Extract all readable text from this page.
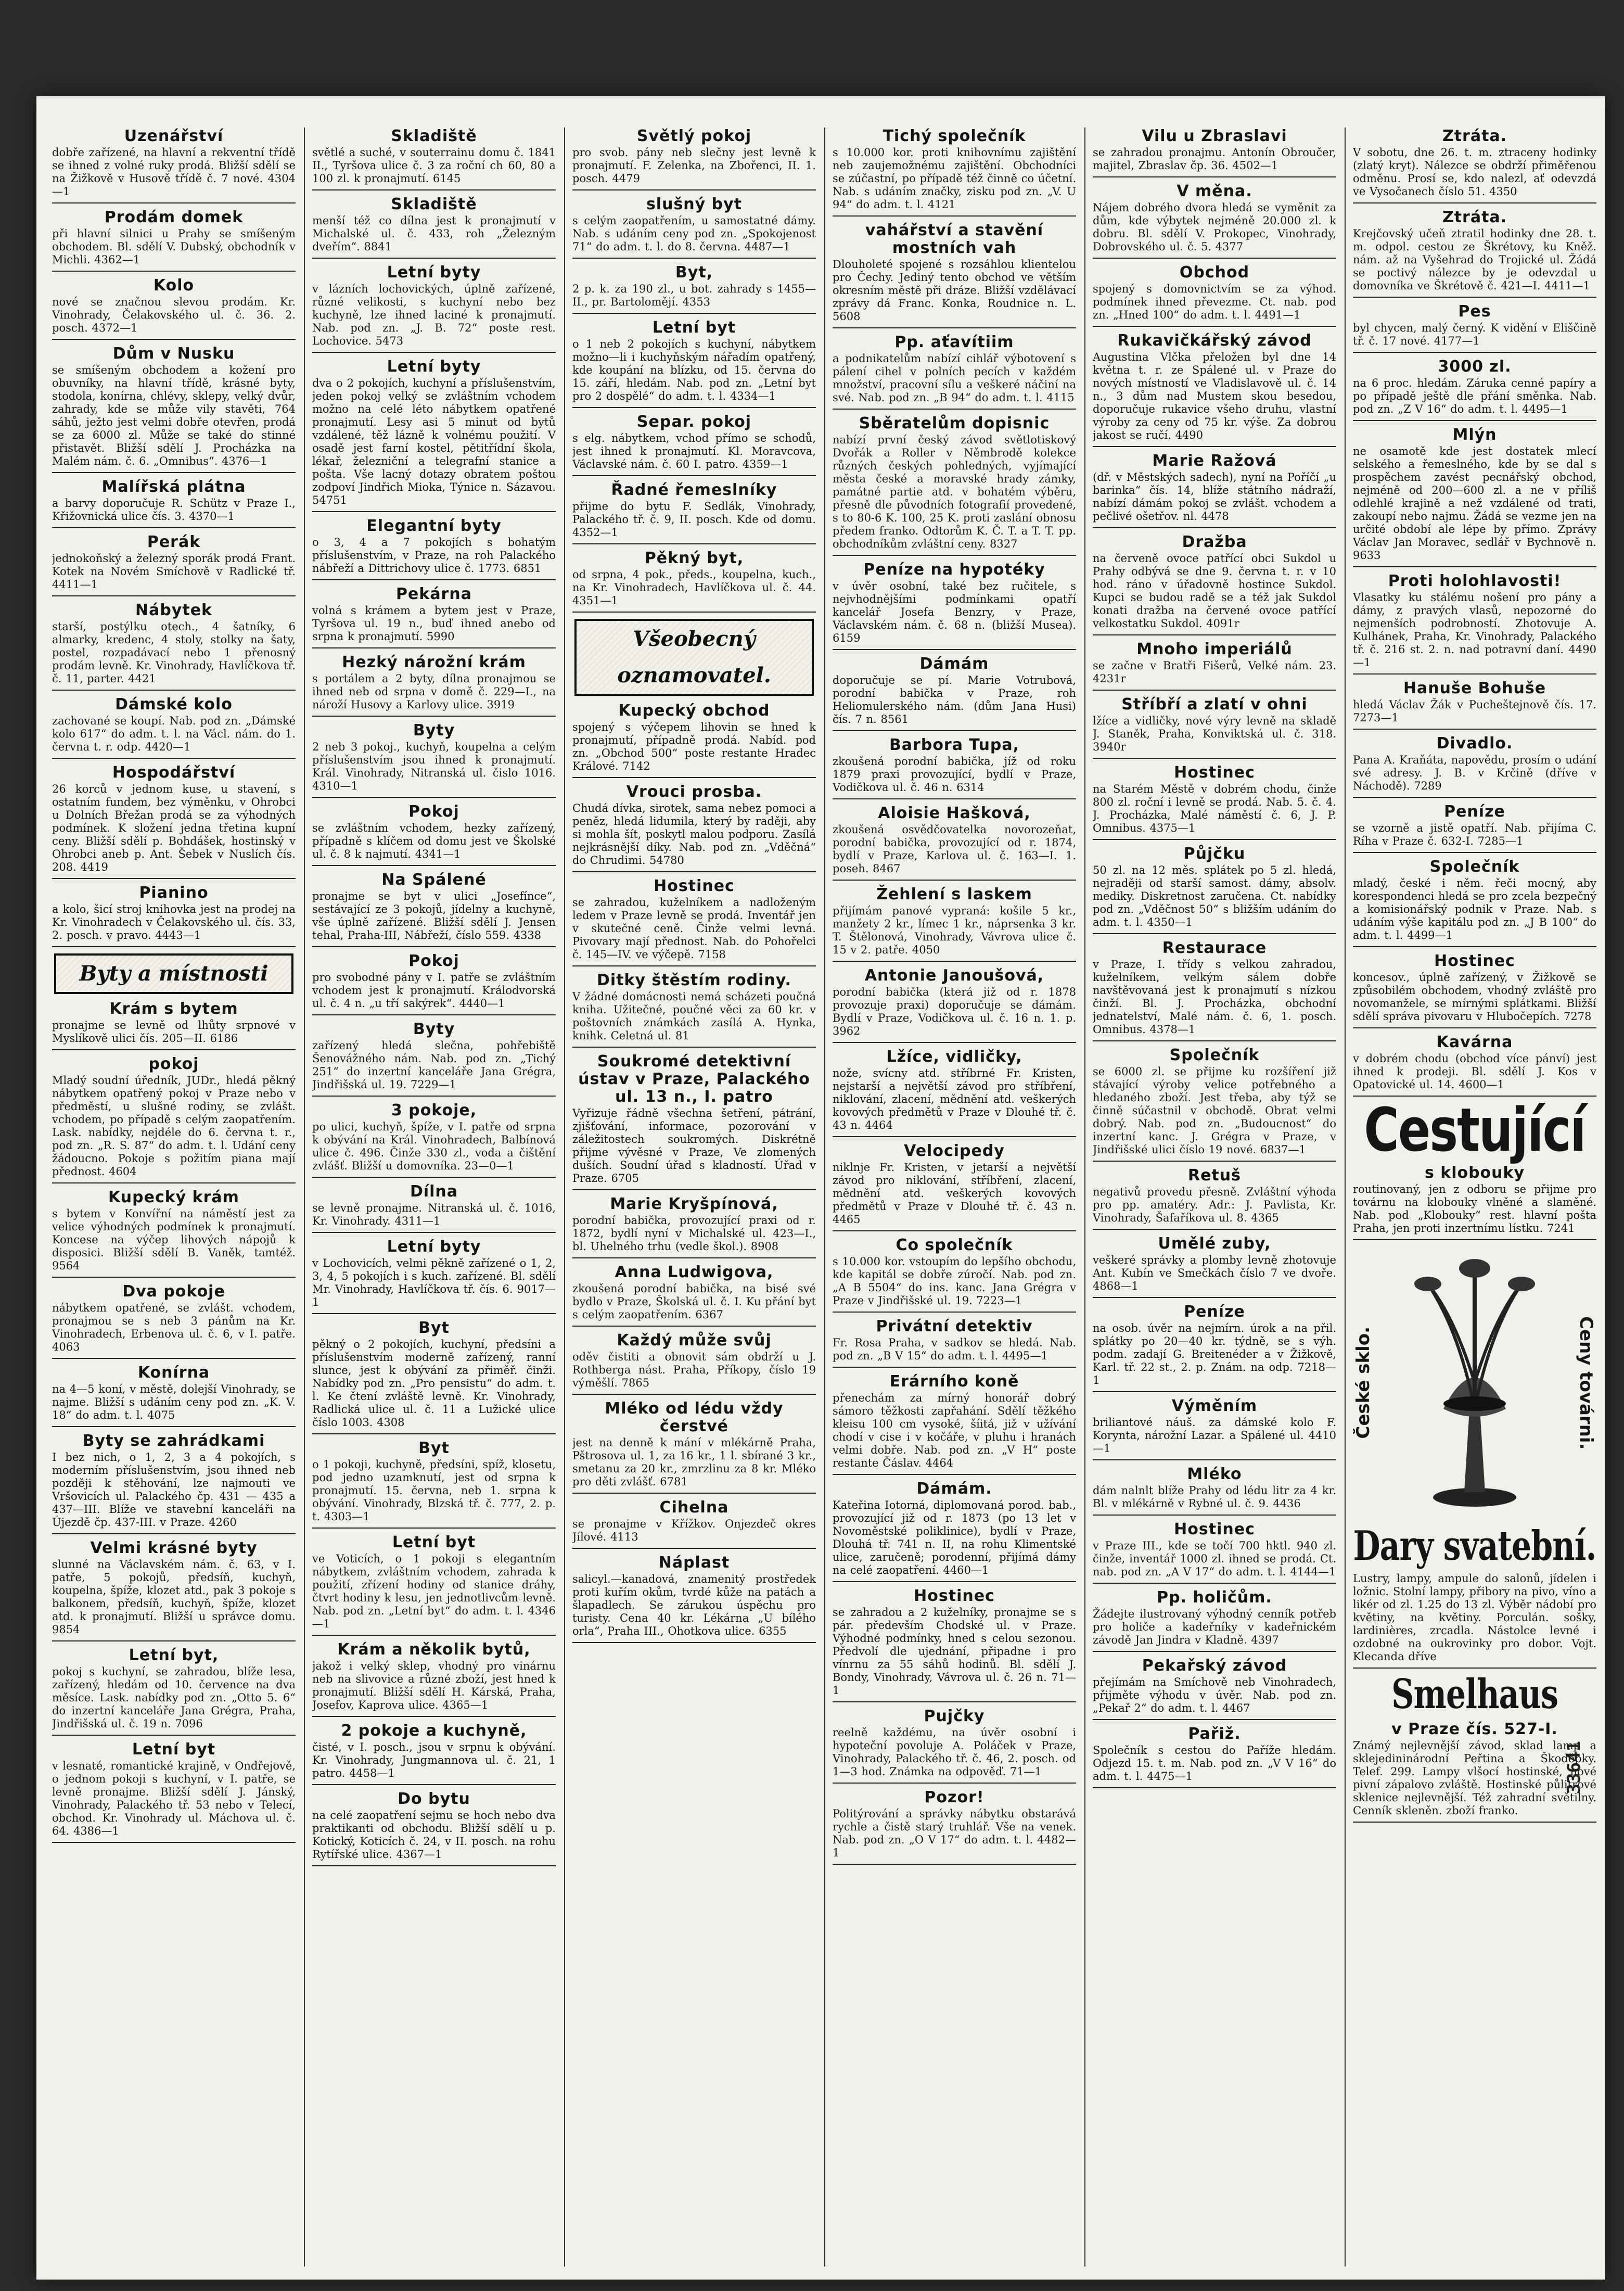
Uzenářství
dobře zařízené, na hlavní a rekventní třídě se ihned z volné ruky prodá. Bližší sdělí se na Žižkově v Husově třídě č. 7 nové. 4304—1
Prodám domek
při hlavní silnici u Prahy se smíšeným obchodem. Bl. sdělí V. Dubský, obchodník v Michli. 4362—1
Kolo
nové se značnou slevou prodám. Kr. Vinohrady, Čelakovského ul. č. 36. 2. posch. 4372—1
Dům v Nusku
se smíšeným obchodem a kožení pro obuvníky, na hlavní třídě, krásné byty, stodola, konírna, chlévy, sklepy, velký dvůr, zahrady, kde se může vily stavěti, 764 sáhů, ježto jest velmi dobře otevřen, prodá se za 6000 zl. Může se také do stinné přistavět. Bližší sdělí J. Procházka na Malém nám. č. 6. „Omnibus“. 4376—1
Malířská plátna
a barvy doporučuje R. Schütz v Praze I., Křižovnická ulice čís. 3. 4370—1
Perák
jednokoňský a železný sporák prodá Frant. Kotek na Novém Smíchově v Radlické tř. 4411—1
Nábytek
starší, postýlku otech., 4 šatníky, 6 almarky, kredenc, 4 stoly, stolky na šaty, postel, rozpadávací nebo 1 přenosný prodám levně. Kr. Vinohrady, Havlíčkova tř. č. 11, parter. 4421
Dámské kolo
zachované se koupí. Nab. pod zn. „Dámské kolo 617“ do adm. t. l. na Václ. nám. do 1. června t. r. odp. 4420—1
Hospodářství
26 korců v jednom kuse, u stavení, s ostatním fundem, bez výměnku, v Ohrobci u Dolních Břežan prodá se za výhodných podmínek. K složení jedna třetina kupní ceny. Bližší sdělí p. Bohdášek, hostinský v Ohrobci aneb p. Ant. Šebek v Nuslích čís. 208. 4419
Pianino
a kolo, šicí stroj knihovka jest na prodej na Kr. Vinohradech v Čelakovského ul. čís. 33, 2. posch. v pravo. 4443—1
Byty a místnosti
Krám s bytem
pronajme se levně od lhůty srpnové v Myslíkově ulici čís. 205—II. 6186
pokoj
Mladý soudní úředník, JUDr., hledá pěkný nábytkem opatřený pokoj v Praze nebo v předměstí, u slušné rodiny, se zvlášt. vchodem, po případě s celým zaopatřením. Lask. nabídky, nejdéle do 6. června t. r., pod zn. „R. S. 87“ do adm. t. l. Udání ceny žádoucno. Pokoje s požitím piana mají přednost. 4604
Kupecký krám
s bytem v Konvířní na náměstí jest za velice výhodných podmínek k pronajmutí. Koncese na výčep lihových nápojů k disposici. Bližší sdělí B. Vaněk, tamtéž. 9564
Dva pokoje
nábytkem opatřené, se zvlášt. vchodem, pronajmou se s neb 3 pánům na Kr. Vinohradech, Erbenova ul. č. 6, v I. patře. 4063
Konírna
na 4—5 koní, v městě, dolejší Vinohrady, se najme. Bližší s udáním ceny pod zn. „K. V. 18“ do adm. t. l. 4075
Byty se zahrádkami
I bez nich, o 1, 2, 3 a 4 pokojích, s moderním příslušenstvím, jsou ihned neb později k stěhování, lze najmouti ve Vršovicích ul. Palackého čp. 431 — 435 a 437—III. Blíže ve stavební kanceláři na Újezdě čp. 437-III. v Praze. 4260
Velmi krásné byty
slunné na Václavském nám. č. 63, v I. patře, 5 pokojů, předsíň, kuchyň, koupelna, špíže, klozet atd., pak 3 pokoje s balkonem, předsíň, kuchyň, špíže, klozet atd. k pronajmutí. Bližší u správce domu. 9854
Letní byt,
pokoj s kuchyní, se zahradou, blíže lesa, zařízený, hledám od 10. července na dva měsíce. Lask. nabídky pod zn. „Otto 5. 6“ do inzertní kanceláře Jana Grégra, Praha, Jindřišská ul. č. 19 n. 7096
Letní byt
v lesnaté, romantické krajině, v Ondřejově, o jednom pokoji s kuchyní, v I. patře, se levně pronajme. Bližší sdělí J. Jánský, Vinohrady, Palackého tř. 53 nebo v Telecí, obchod. Kr. Vinohrady ul. Máchova ul. č. 64. 4386—1
Skladiště
světlé a suché, v souterrainu domu č. 1841 II., Tyršova ulice č. 3 za roční ch 60, 80 a 100 zl. k pronajmutí. 6145
Skladiště
menší též co dílna jest k pronajmutí v Michalské ul. č. 433, roh „Železným dveřím“. 8841
Letní byty
v lázních lochovických, úplně zařízené, různé velikosti, s kuchyní nebo bez kuchyně, lze ihned laciné k pronajmutí. Nab. pod zn. „J. B. 72“ poste rest. Lochovice. 5473
Letní byty
dva o 2 pokojích, kuchyní a příslušenstvím, jeden pokoj velký se zvláštním vchodem možno na celé léto nábytkem opatřené pronajmutí. Lesy asi 5 minut od bytů vzdálené, těž lázně k volnému použití. V osadě jest farní kostel, pětitřídní škola, lékař, železniční a telegrafní stanice a pošta. Vše lacný dotazy obratem poštou zodpoví Jindřich Mioka, Týnice n. Sázavou. 54751
Elegantní byty
o 3, 4 a 7 pokojích s bohatým příslušenstvím, v Praze, na roh Palackého nábřeží a Dittrichovy ulice č. 1773. 6851
Pekárna
volná s krámem a bytem jest v Praze, Tyršova ul. 19 n., buď ihned anebo od srpna k pronajmutí. 5990
Hezký nárožní krám
s portálem a 2 byty, dílna pronajmou se ihned neb od srpna v domě č. 229—I., na nároží Husovy a Karlovy ulice. 3919
Byty
2 neb 3 pokoj., kuchyň, koupelna a celým příslušenstvím jsou ihned k pronajmutí. Král. Vinohrady, Nitranská ul. čislo 1016. 4310—1
Pokoj
se zvláštním vchodem, hezky zařízený, případně s klíčem od domu jest ve Školské ul. č. 8 k najmutí. 4341—1
Na Spálené
pronajme se byt v ulici „Josefínce“, sestávající ze 3 pokojů, jídelny a kuchyně, vše úplně zařízené. Bližší sdělí J. Jensen tehal, Praha-III, Nábřeží, číslo 559. 4338
Pokoj
pro svobodné pány v I. patře se zvláštním vchodem jest k pronajmutí. Králodvorská ul. č. 4 n. „u tří sakýrek“. 4440—1
Byty
zařízený hledá slečna, pohřebiště Šenovážného nám. Nab. pod zn. „Tichý 251“ do inzertní kanceláře Jana Grégra, Jindřišská ul. 19. 7229—1
3 pokoje,
po ulici, kuchyň, špíže, v I. patře od srpna k obývání na Král. Vinohradech, Balbínová ulice č. 496. Činže 330 zl., voda a čištění zvlášť. Bližší u domovníka. 23—0—1
Dílna
se levně pronajme. Nitranská ul. č. 1016, Kr. Vinohrady. 4311—1
Letní byty
v Lochovicích, velmi pěkně zařízené o 1, 2, 3, 4, 5 pokojích i s kuch. zařízené. Bl. sdělí Mr. Vinohrady, Havlíčkova tř. čís. 6. 9017—1
Byt
pěkný o 2 pokojích, kuchyní, předsíni a příslušenstvím moderně zařízený, ranní slunce, jest k obývání za přiměř. činži. Nabídky pod zn. „Pro pensistu“ do adm. t. l. Ke čtení zvláště levně. Kr. Vinohrady, Radlická ulice ul. č. 11 a Lužické ulice číslo 1003. 4308
Byt
o 1 pokoji, kuchyně, předsíni, spíž, klosetu, pod jedno uzamknutí, jest od srpna k pronajmutí. 15. června, neb 1. srpna k obývání. Vinohrady, Blzská tř. č. 777, 2. p. t. 4303—1
Letní byt
ve Voticích, o 1 pokoji s elegantním nábytkem, zvláštním vchodem, zahrada k použití, zřízení hodiny od stanice dráhy, čtvrt hodiny k lesu, jen jednotlivcům levně. Nab. pod zn. „Letní byt“ do adm. t. l. 4346—1
Krám a několik bytů,
jakož i velký sklep, vhodný pro vinárnu neb na slivovice a různé zboží, jest hned k pronajmutí. Bližší sdělí H. Kárská, Praha, Josefov, Kaprova ulice. 4365—1
2 pokoje a kuchyně,
čisté, v I. posch., jsou v srpnu k obývání. Kr. Vinohrady, Jungmannova ul. č. 21, 1 patro. 4458—1
Do bytu
na celé zaopatření sejmu se hoch nebo dva praktikanti od obchodu. Bližší sdělí u p. Kotický, Koticích č. 24, v II. posch. na rohu Rytířské ulice. 4367—1
Světlý pokoj
pro svob. pány neb slečny jest levně k pronajmutí. F. Zelenka, na Zbořenci, II. 1. posch. 4479
slušný byt
s celým zaopatřením, u samostatné dámy. Nab. s udáním ceny pod zn. „Spokojenost 71“ do adm. t. l. do 8. června. 4487—1
Byt,
2 p. k. za 190 zl., u bot. zahrady s 1455—II., pr. Bartolomějí. 4353
Letní byt
o 1 neb 2 pokojích s kuchyní, nábytkem možno—li i kuchyňským nářadím opatřený, kde koupání na blízku, od 15. června do 15. září, hledám. Nab. pod zn. „Letní byt pro 2 dospělé“ do adm. t. l. 4334—1
Separ. pokoj
s elg. nábytkem, vchod přímo se schodů, jest ihned k pronajmutí. Kl. Moravcova, Václavské nám. č. 60 I. patro. 4359—1
Řadné řemeslníky
přijme do bytu F. Sedlák, Vinohrady, Palackého tř. č. 9, II. posch. Kde od domu. 4352—1
Pěkný byt,
od srpna, 4 pok., předs., koupelna, kuch., na Kr. Vinohradech, Havlíčkova ul. č. 44. 4351—1
Všeobecný oznamovatel.
Kupecký obchod
spojený s výčepem lihovin se hned k pronajmutí, případně prodá. Nabíd. pod zn. „Obchod 500“ poste restante Hradec Králové. 7142
Vrouci prosba.
Chudá dívka, sirotek, sama nebez pomoci a peněz, hledá lidumila, který by raději, aby si mohla šít, poskytl malou podporu. Zasílá nejkrásnější díky. Nab. pod zn. „Vděčná“ do Chrudimi. 54780
Hostinec
se zahradou, kuželníkem a nadloženým ledem v Praze levně se prodá. Inventář jen v skutečné ceně. Činže velmi levná. Pivovary mají přednost. Nab. do Pohořelci č. 145—IV. ve výčepě. 7158
Ditky štěstím rodiny.
V žádné domácnosti nemá scházeti poučná kniha. Užitečné, poučné věci za 60 kr. v poštovních známkách zasílá A. Hynka, knihk. Celetná ul. 81
Soukromé detektivní ústav v Praze, Palackého ul. 13 n., I. patro
Vyřizuje řádně všechna šetření, pátrání, zjišťování, informace, pozorování v záležitostech soukromých. Diskrétně přijme vývěsné v Praze, Ve zlomených duších. Soudní úřad s kladností. Úřad v Praze. 6705
Marie Kryšpínová,
porodní babička, provozující praxi od r. 1872, bydlí nyní v Michalské ul. 423—I., bl. Uhelného trhu (vedle škol.). 8908
Anna Ludwigova,
zkoušená porodní babička, na bisé své bydlo v Praze, Školská ul. č. I. Ku přání byt s celým zaopatřením. 6367
Každý může svůj
oděv čistiti a obnovit sám obdrží u J. Rothberga nást. Praha, Příkopy, číslo 19 výměšlí. 7865
Mléko od lédu vždy čerstvé
jest na denně k mání v mlékárně Praha, Pštrosova ul. 1, za 16 kr., 1 l. sbírané 3 kr., smetanu za 20 kr., zmrzlinu za 8 kr. Mléko pro děti zvlášť. 6781
Cihelna
se pronajme v Křížkov. Onjezdeč okres Jílové. 4113
Náplast
salicyl.—kanadová, znamenitý prostředek proti kuřím okům, tvrdé kůže na patách a šlapadlech. Se zárukou úspěchu pro turisty. Cena 40 kr. Lékárna „U bílého orla“, Praha III., Ohotkova ulice. 6355
Tichý společník
s 10.000 kor. proti knihovnímu zajištění neb zaujemožnému zajištění. Obchodníci se zúčastní, po případě též činně co účetní. Nab. s udáním značky, zisku pod zn. „V. U 94“ do adm. t. l. 4121
vahářství a stavění mostních vah
Dlouholeté spojené s rozsáhlou klientelou pro Čechy. Jediný tento obchod ve větším okresním městě při dráze. Bližší vzdělávací zprávy dá Franc. Konka, Roudnice n. L. 5608
Pp. aťavítiim
a podnikatelům nabízí cihlář výbotovení s pálení cihel v polních pecích v každém množství, pracovní sílu a veškeré náčiní na své. Nab. pod zn. „B 94“ do adm. t. l. 4115
Sběratelům dopisnic
nabízí první český závod světlotiskový Dvořák a Roller v Němbrodě kolekce různých českých pohledných, vyjímající města české a moravské hrady zámky, památné partie atd. v bohatém výběru, přesně dle původních fotografií provedené, s to 80-6 K. 100, 25 K. proti zaslání obnosu předem franko. Odtorům K. Č. T. a T. T. pp. obchodníkům zvláštní ceny. 8327
Peníze na hypotéky
v úvěr osobní, také bez ručitele, s nejvhodnějšími podmínkami opatří kancelář Josefa Benzry, v Praze, Václavském nám. č. 68 n. (bližší Musea). 6159
Dámám
doporučuje se pí. Marie Votrubová, porodní babička v Praze, roh Heliomulerského nám. (dům Jana Husi) čís. 7 n. 8561
Barbora Tupa,
zkoušená porodní babička, jíž od roku 1879 praxi provozující, bydlí v Praze, Vodičkova ul. č. 46 n. 6314
Aloisie Hašková,
zkoušená osvědčovatelka novorozeňat, porodní babička, provozující od r. 1874, bydlí v Praze, Karlova ul. č. 163—I. 1. poseh. 8467
Žehlení s laskem
přijímám panové vypraná: košile 5 kr., manžety 2 kr., límec 1 kr., náprsenka 3 kr. T. Štělonová, Vinohrady, Vávrova ulice č. 15 v 2. patře. 4050
Antonie Janoušová,
porodní babička (která již od r. 1878 provozuje praxi) doporučuje se dámám. Bydlí v Praze, Vodičkova ul. č. 16 n. 1. p. 3962
Lžíce, vidličky,
nože, svícny atd. stříbrné Fr. Kristen, nejstarší a největší závod pro stříbření, niklování, zlacení, mědnění atd. veškerých kovových předmětů v Praze v Dlouhé tř. č. 43 n. 4464
Velocipedy
niklnje Fr. Kristen, v jetarší a největší závod pro niklování, stříbření, zlacení, mědnění atd. veškerých kovových předmětů v Praze v Dlouhé tř. č. 43 n. 4465
Co společník
s 10.000 kor. vstoupím do lepšího obchodu, kde kapitál se dobře zúročí. Nab. pod zn. „A B 5504“ do ins. kanc. Jana Grégra v Praze v Jindřišské ul. 19. 7223—1
Privátní detektiv
Fr. Rosa Praha, v sadkov se hledá. Nab. pod zn. „B V 15“ do adm. t. l. 4495—1
Erárního koně
přenechám za mírný honorář dobrý sámoro těžkosti zapřahání. Sdělí těžkého kleisu 100 cm vysoké, šíitá, již v užívání chodí v cise i v kočáře, v pluhu i hranách velmi dobře. Nab. pod zn. „V H“ poste restante Čáslav. 4464
Dámám.
Kateřina Iotorná, diplomovaná porod. bab., provozující již od r. 1873 (po 13 let v Novoměstské poliklinice), bydlí v Praze, Dlouhá tř. 741 n. II, na rohu Klimentské ulice, zaručeně; porodenní, přijímá dámy na celé zaopatření. 4460—1
Hostinec
se zahradou a 2 kuželníky, pronajme se s pár. především Chodské ul. v Praze. Výhodné podmínky, hned s celou sezonou. Předvolí dle ujednání, připadne i pro vínrnu za 55 sáhů hodinů. Bl. sdělí J. Bondy, Vinohrady, Vávrova ul. č. 26 n. 71—1
Pujčky
reelně každému, na úvěr osobní i hypoteční povoluje A. Poláček v Praze, Vinohrady, Palackého tř. č. 46, 2. posch. od 1—3 hod. Známka na odpověď. 71—1
Pozor!
Politýrování a správky nábytku obstarává rychle a čistě starý truhlář. Vše na venek. Nab. pod zn. „O V 17“ do adm. t. l. 4482—1
Vilu u Zbraslavi
se zahradou pronajmu. Antonín Obroučer, majitel, Zbraslav čp. 36. 4502—1
V měna.
Nájem dobrého dvora hledá se vyměnit za dům, kde výbytek nejméně 20.000 zl. k dobru. Bl. sdělí V. Prokopec, Vinohrady, Dobrovského ul. č. 5. 4377
Obchod
spojený s domovnictvím se za výhod. podmínek ihned převezme. Ct. nab. pod zn. „Hned 100“ do adm. t. l. 4491—1
Rukavičkářský závod
Augustina Vlčka přeložen byl dne 14 května t. r. ze Spálené ul. v Praze do nových místností ve Vladislavově ul. č. 14 n., 3 dům nad Mustem skou besedou, doporučuje rukavice všeho druhu, vlastní výroby za ceny od 75 kr. výše. Za dobrou jakost se ručí. 4490
Marie Ražová
(dř. v Městských sadech), nyní na Poříčí „u barinka“ čís. 14, blíže státního nádraží, nabízí dámám pokoj se zvlášt. vchodem a pečlivé ošetřov. nl. 4478
Dražba
na červeně ovoce patřící obci Sukdol u Prahy odbývá se dne 9. června t. r. v 10 hod. ráno v úřadovně hostince Sukdol. Kupci se budou radě se a též jak Sukdol konati dražba na červené ovoce patřící velkostatku Sukdol. 4091r
Mnoho imperiálů
se začne v Bratři Fišerů, Velké nám. 23. 4231r
Stříbří a zlatí v ohni
lžíce a vidličky, nové výry levně na skladě J. Staněk, Praha, Konviktská ul. č. 318. 3940r
Hostinec
na Starém Městě v dobrém chodu, činže 800 zl. roční i levně se prodá. Nab. 5. č. 4. J. Procházka, Malé náměstí č. 6, J. P. Omnibus. 4375—1
Půjčku
50 zl. na 12 měs. splátek po 5 zl. hledá, nejraději od starší samost. dámy, absolv. mediky. Diskretnost zaručena. Ct. nabídky pod zn. „Vděčnost 50“ s bližším udáním do adm. t. l. 4350—1
Restaurace
v Praze, I. třídy s velkou zahradou, kuželníkem, velkým sálem dobře navštěvovaná jest k pronajmutí s nízkou činží. Bl. J. Procházka, obchodní jednatelství, Malé nám. č. 6, 1. posch. Omnibus. 4378—1
Společník
se 6000 zl. se přijme ku rozšíření již stávající výroby velice potřebného a hledaného zboží. Jest třeba, aby týž se činně súčastnil v obchodě. Obrat velmi dobrý. Nab. pod zn. „Budoucnost“ do inzertní kanc. J. Grégra v Praze, v Jindřišské ulici číslo 19 nové. 6837—1
Retuš
negativů provedu přesně. Zvláštní výhoda pro pp. amatéry. Adr.: J. Pavlista, Kr. Vinohrady, Šafaříkova ul. 8. 4365
Umělé zuby,
veškeré správky a plomby levně zhotovuje Ant. Kubín ve Smečkách číslo 7 ve dvoře. 4868—1
Peníze
na osob. úvěr na nejmírn. úrok a na přil. splátky po 20—40 kr. týdně, se s výh. podm. zadají G. Breitenéder a v Žižkově, Karl. tř. 22 st., 2. p. Znám. na odp. 7218—1
Výměním
briliantové náuš. za dámské kolo F. Korynta, nárožní Lazar. a Spálené ul. 4410—1
Mléko
dám nalnlt blíže Prahy od lédu litr za 4 kr. Bl. v mlékárně v Rybné ul. č. 9. 4436
Hostinec
v Praze III., kde se točí 700 hktl. 940 zl. činže, inventář 1000 zl. ihned se prodá. Ct. nab. pod zn. „A V 17“ do adm. t. l. 4144—1
Pp. holičům.
Žádejte ilustrovaný výhodný cenník potřeb pro holiče a kadeřníky v kadeřnickém závodě Jan Jindra v Kladně. 4397
Pekařský závod
přejímám na Smíchově neb Vinohradech, přijměte výhodu v úvěr. Nab. pod zn. „Pekař 2“ do adm. t. l. 4467
Pařiž.
Společník s cestou do Paříže hledám. Odjezd 15. t. m. Nab. pod zn. „V V 16“ do adm. t. l. 4475—1
Ztráta.
V sobotu, dne 26. t. m. ztraceny hodinky (zlatý kryt). Nálezce se obdrží přiměřenou odměnu. Prosí se, kdo nalezl, ať odevzdá ve Vysočanech číslo 51. 4350
Ztráta.
Krejčovský učeň ztratil hodinky dne 28. t. m. odpol. cestou ze Škrétovy, ku Kněž. nám. až na Vyšehrad do Trojické ul. Žádá se poctivý nálezce by je odevzdal u domovníka ve Škrétově č. 421—I. 4411—1
Pes
byl chycen, malý černý. K vidění v Eliščině tř. č. 17 nové. 4177—1
3000 zl.
na 6 proc. hledám. Záruka cenné papíry a po případě ještě dle přání směnka. Nab. pod zn. „Z V 16“ do adm. t. l. 4495—1
Mlýn
ne osamotě kde jest dostatek mlecí selského a řemeslného, kde by se dal s prospěchem zavést pecnářský obchod, nejméně od 200—600 zl. a ne v příliš odlehlé krajině a než vzdálené od trati, zakoupí nebo najmu. Žádá se vezme jen na určité období ale lépe by přímo. Zprávy Václav Jan Moravec, sedlář v Bychnově n. 9633
Proti holohlavosti!
Vlasatky ku stálému nošení pro pány a dámy, z pravých vlasů, nepozorné do nejmenších podrobností. Zhotovuje A. Kulhánek, Praha, Kr. Vinohrady, Palackého tř. č. 216 st. 2. n. nad potravní daní. 4490—1
Hanuše Bohuše
hledá Václav Žák v Pucheštejnově čís. 17. 7273—1
Divadlo.
Pana A. Kraňáta, napovědu, prosím o udání své adresy. J. B. v Krčině (dříve v Náchodě). 7289
Peníze
se vzorně a jistě opatří. Nab. přijíma C. Ríha v Praze č. 632-I. 7285—1
Společník
mladý, české i něm. řeči mocný, aby korespondenci hledá se pro zcela bezpečný a komisionářský podnik v Praze. Nab. s udáním výše kapitálu pod zn. „J B 100“ do adm. t. l. 4499—1
Hostinec
koncesov., úplně zařízený, v Žižkově se způsobilém obchodem, vhodný zvláště pro novomanžele, se mírnými splátkami. Bližší sdělí správa pivovaru v Hlubočepích. 7278
Kavárna
v dobrém chodu (obchod více pánví) jest ihned k prodeji. Bl. sdělí J. Kos v Opatovické ul. 14. 4600—1
Cestující
s klobouky
routinovaný, jen z odboru se přijme pro továrnu na klobouky vlněné a slaměné. Nab. pod „Klobouky“ rest. hlavní pošta Praha, jen proti inzertnímu lístku. 7241
České sklo.	Ceny továrni.
Dary svatební.
Lustry, lampy, ampule do salonů, jídelen i ložnic. Stolní lampy, přibory na pivo, víno a likér od zl. 1.25 do 13 zl. Výběr nádobí pro květiny, na květiny. Porculán. sošky, lardinières, zrcadla. Nástolce levné i ozdobné na oukrovinky pro dobor. Vojt. Klecanda dříve
Smelhaus
v Praze čís. 527-I.
Známý nejlevnější závod, sklad lamp a sklejedininárodní Peřtina a Škoděpky. Telef. 299. Lampy vlšocí hostinské, nové pivní zápalovo zvláště. Hostinské půlitrové sklenice nejlevnější. Též zahradní světilny. Cenník skleněn. zboží franko.
33641
